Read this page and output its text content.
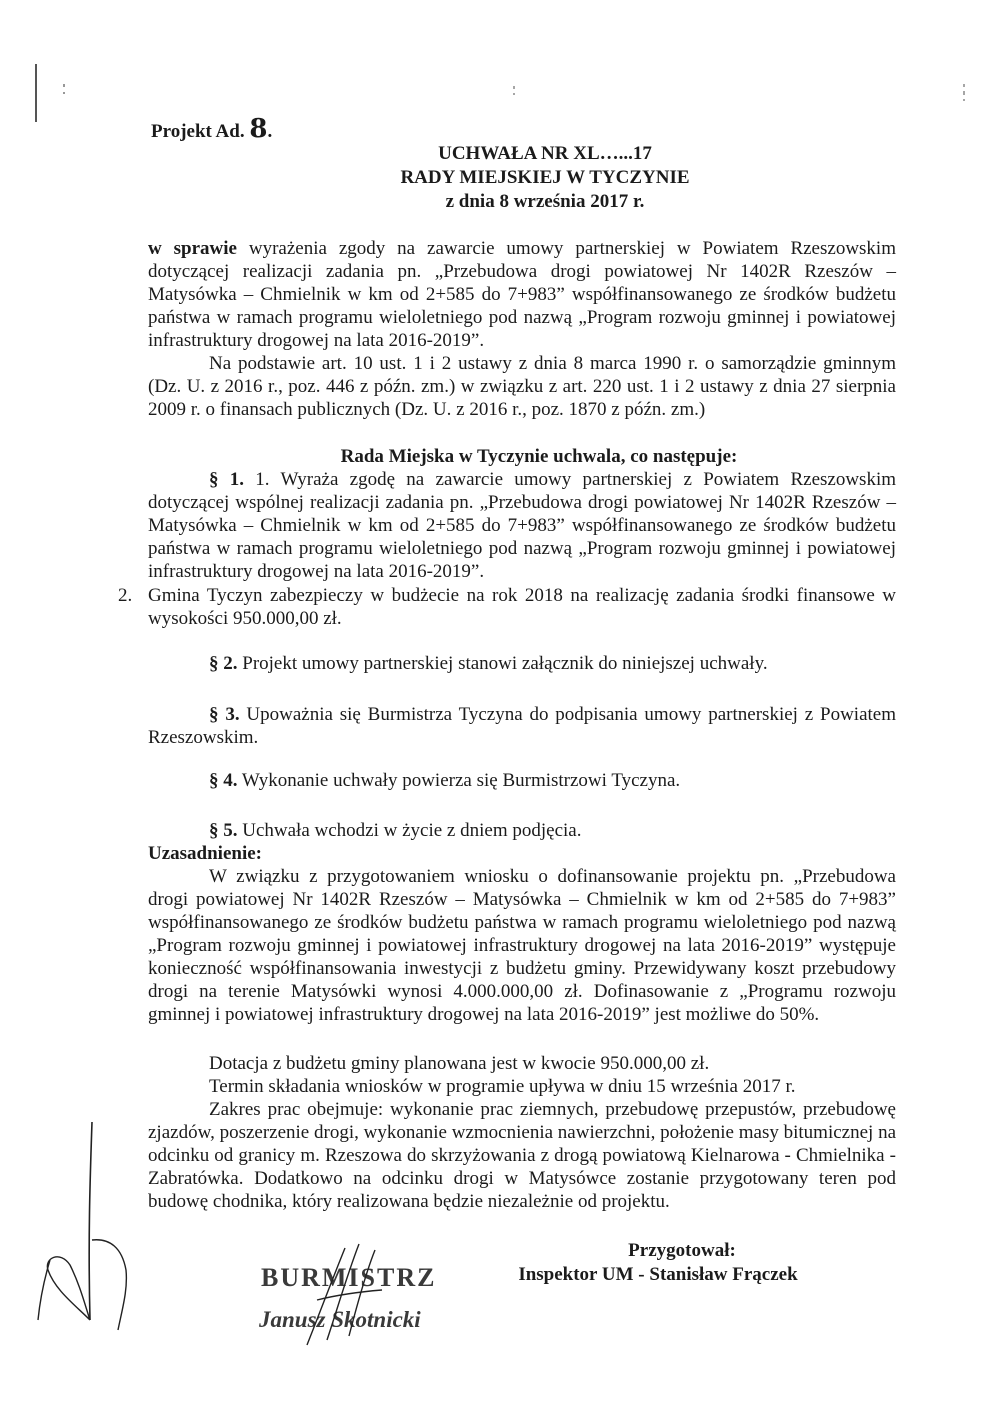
Projekt Ad. 8.
UCHWAŁA NR XL…...17
RADY MIEJSKIEJ W TYCZYNIE
z dnia 8 września 2017 r.
w sprawie wyrażenia zgody na zawarcie umowy partnerskiej w Powiatem Rzeszowskim dotyczącej realizacji zadania pn. „Przebudowa drogi powiatowej Nr 1402R Rzeszów – Matysówka – Chmielnik w km od 2+585 do 7+983” współfinansowanego ze środków budżetu państwa w ramach programu wieloletniego pod nazwą „Program rozwoju gminnej i powiatowej infrastruktury drogowej na lata 2016-2019”.
Na podstawie art. 10 ust. 1 i 2 ustawy z dnia 8 marca 1990 r. o samorządzie gminnym (Dz. U. z 2016 r., poz. 446 z późn. zm.) w związku z art. 220 ust. 1 i 2 ustawy z dnia 27 sierpnia 2009 r. o finansach publicznych (Dz. U. z 2016 r., poz. 1870 z późn. zm.)
Rada Miejska w Tyczynie uchwala, co następuje:
§ 1. 1. Wyraża zgodę na zawarcie umowy partnerskiej z Powiatem Rzeszowskim dotyczącej wspólnej realizacji zadania pn. „Przebudowa drogi powiatowej Nr 1402R Rzeszów – Matysówka – Chmielnik w km od 2+585 do 7+983” współfinansowanego ze środków budżetu państwa w ramach programu wieloletniego pod nazwą „Program rozwoju gminnej i powiatowej infrastruktury drogowej na lata 2016-2019”.
2. Gmina Tyczyn zabezpieczy w budżecie na rok 2018 na realizację zadania środki finansowe w wysokości 950.000,00 zł.
§ 2. Projekt umowy partnerskiej stanowi załącznik do niniejszej uchwały.
§ 3. Upoważnia się Burmistrza Tyczyna do podpisania umowy partnerskiej z Powiatem Rzeszowskim.
§ 4. Wykonanie uchwały powierza się Burmistrzowi Tyczyna.
§ 5. Uchwała wchodzi w życie z dniem podjęcia.
Uzasadnienie:
W związku z przygotowaniem wniosku o dofinansowanie projektu pn. „Przebudowa drogi powiatowej Nr 1402R Rzeszów – Matysówka – Chmielnik w km od 2+585 do 7+983” współfinansowanego ze środków budżetu państwa w ramach programu wieloletniego pod nazwą „Program rozwoju gminnej i powiatowej infrastruktury drogowej na lata 2016-2019” występuje konieczność współfinansowania inwestycji z budżetu gminy. Przewidywany koszt przebudowy drogi na terenie Matysówki wynosi 4.000.000,00 zł. Dofinasowanie z „Programu rozwoju gminnej i powiatowej infrastruktury drogowej na lata 2016-2019” jest możliwe do 50%.
Dotacja z budżetu gminy planowana jest w kwocie 950.000,00 zł.
Termin składania wniosków w programie upływa w dniu 15 września 2017 r.
Zakres prac obejmuje: wykonanie prac ziemnych, przebudowę przepustów, przebudowę zjazdów, poszerzenie drogi, wykonanie wzmocnienia nawierzchni, położenie masy bitumicznej na odcinku od granicy m. Rzeszowa do skrzyżowania z drogą powiatową Kielnarowa - Chmielnika - Zabratówka. Dodatkowo na odcinku drogi w Matysówce zostanie przygotowany teren pod budowę chodnika, który realizowana będzie niezależnie od projektu.
Przygotował:
Inspektor UM - Stanisław Frączek
BURMISTRZ
Janusz Skotnicki
